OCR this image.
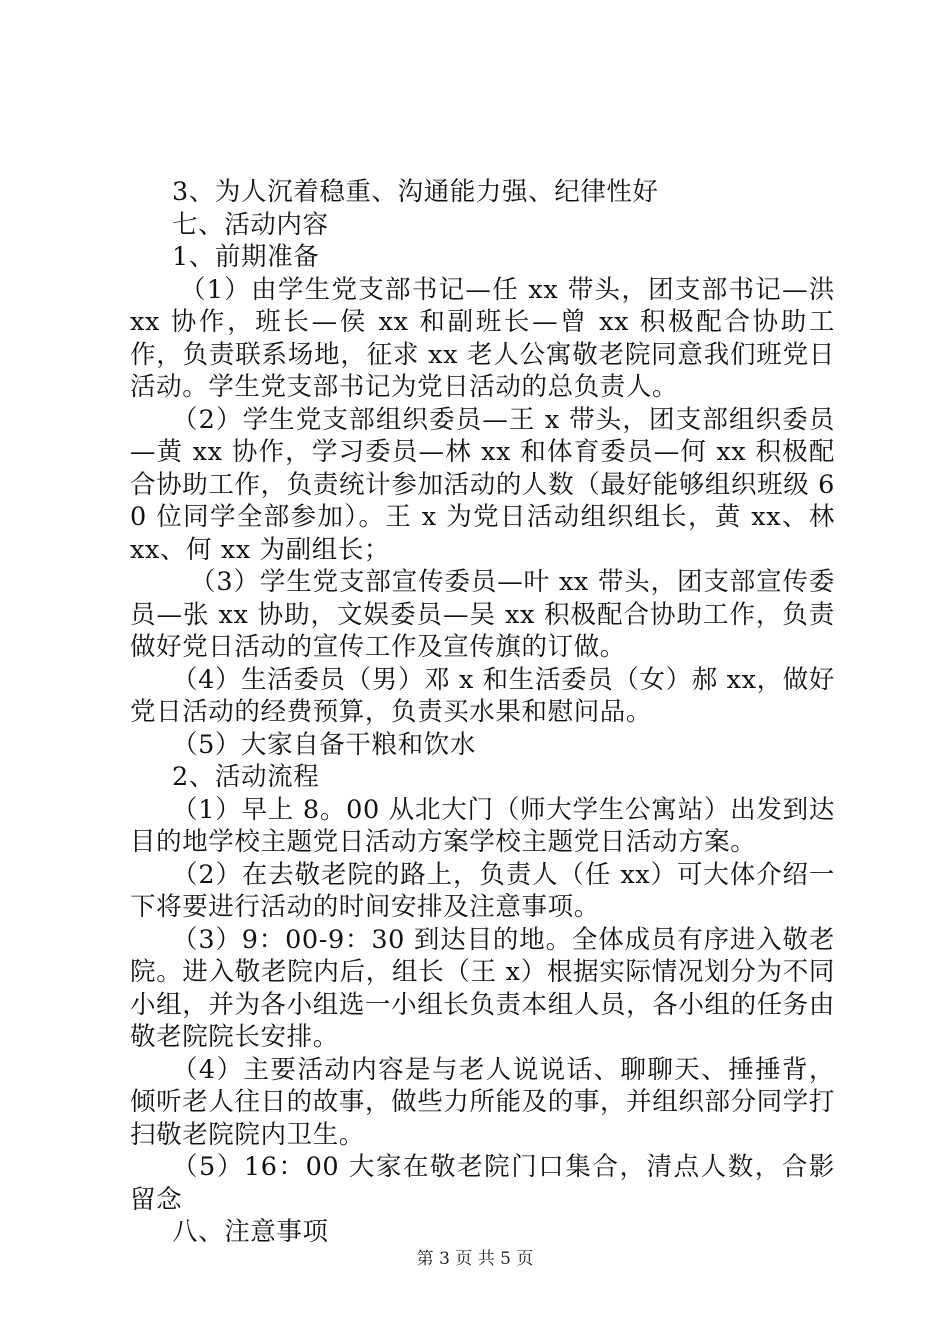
3、为人沉着稳重、沟通能力强、纪律性好

七、活动内容

1、前期准备

（1）由学生党支部书记—任 xx 带头，团支部书记—洪 xx 协作，班长—侯 xx 和副班长—曾 xx 积极配合协助工作，负责联系场地，征求 xx 老人公寓敬老院同意我们班党日活动。学生党支部书记为党日活动的总负责人。

（2）学生党支部组织委员—王 x 带头，团支部组织委员—黄 xx 协作，学习委员—林 xx 和体育委员—何 xx 积极配合协助工作，负责统计参加活动的人数（最好能够组织班级 60 位同学全部参加）。王 x 为党日活动组织组长，黄 xx、林 xx、何 xx 为副组长；

（3）学生党支部宣传委员—叶 xx 带头，团支部宣传委员—张 xx 协助，文娱委员—吴 xx 积极配合协助工作，负责做好党日活动的宣传工作及宣传旗的订做。

（4）生活委员（男）邓 x 和生活委员（女）郝 xx，做好党日活动的经费预算，负责买水果和慰问品。

（5）大家自备干粮和饮水

2、活动流程

（1）早上 8。00 从北大门（师大学生公寓站）出发到达目的地学校主题党日活动方案学校主题党日活动方案。

（2）在去敬老院的路上，负责人（任 xx）可大体介绍一下将要进行活动的时间安排及注意事项。

（3）9：00-9：30 到达目的地。全体成员有序进入敬老院。进入敬老院内后，组长（王 x）根据实际情况划分为不同小组，并为各小组选一小组长负责本组人员，各小组的任务由敬老院院长安排。

（4）主要活动内容是与老人说说话、聊聊天、捶捶背，倾听老人往日的故事，做些力所能及的事，并组织部分同学打扫敬老院院内卫生。

（5）16：00 大家在敬老院门口集合，清点人数，合影留念

八、注意事项

第 3 页 共 5 页
